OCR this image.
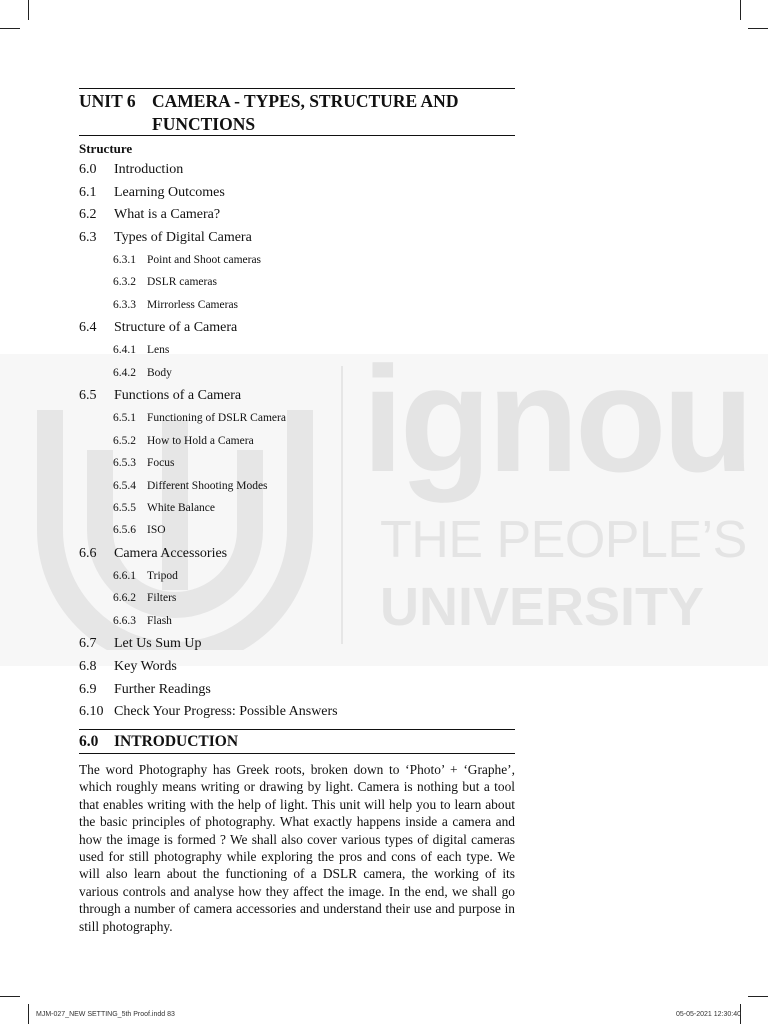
ignou
THE PEOPLE’S
UNIVERSITY
UNIT 6 CAMERA - TYPES, STRUCTURE AND
FUNCTIONS
Structure
6.0 Introduction
6.1 Learning Outcomes
6.2 What is a Camera?
6.3 Types of Digital Camera
6.3.1 Point and Shoot cameras
6.3.2 DSLR cameras
6.3.3 Mirrorless Cameras
6.4 Structure of a Camera
6.4.1 Lens
6.4.2 Body
6.5 Functions of a Camera
6.5.1 Functioning of DSLR Camera
6.5.2 How to Hold a Camera
6.5.3 Focus
6.5.4 Different Shooting Modes
6.5.5 White Balance
6.5.6 ISO
6.6 Camera Accessories
6.6.1 Tripod
6.6.2 Filters
6.6.3 Flash
6.7 Let Us Sum Up
6.8 Key Words
6.9 Further Readings
6.10 Check Your Progress: Possible Answers
6.0 INTRODUCTION

The word Photography has Greek roots, broken down to ‘Photo’ + ‘Graphe’, which roughly means writing or drawing by light. Camera is nothing but a tool that enables writing with the help of light. This unit will help you to learn about the basic principles of photography. What exactly happens inside a camera and how the image is formed ? We shall also cover various types of digital cameras used for still photography while exploring the pros and cons of each type. We will also learn about the functioning of a DSLR camera, the working of its various controls and analyse how they affect the image. In the end, we shall go through a number of camera accessories and understand their use and purpose in still photography.

MJM-027_NEW SETTING_5th Proof.indd 83	05-05-2021 12:30:40
